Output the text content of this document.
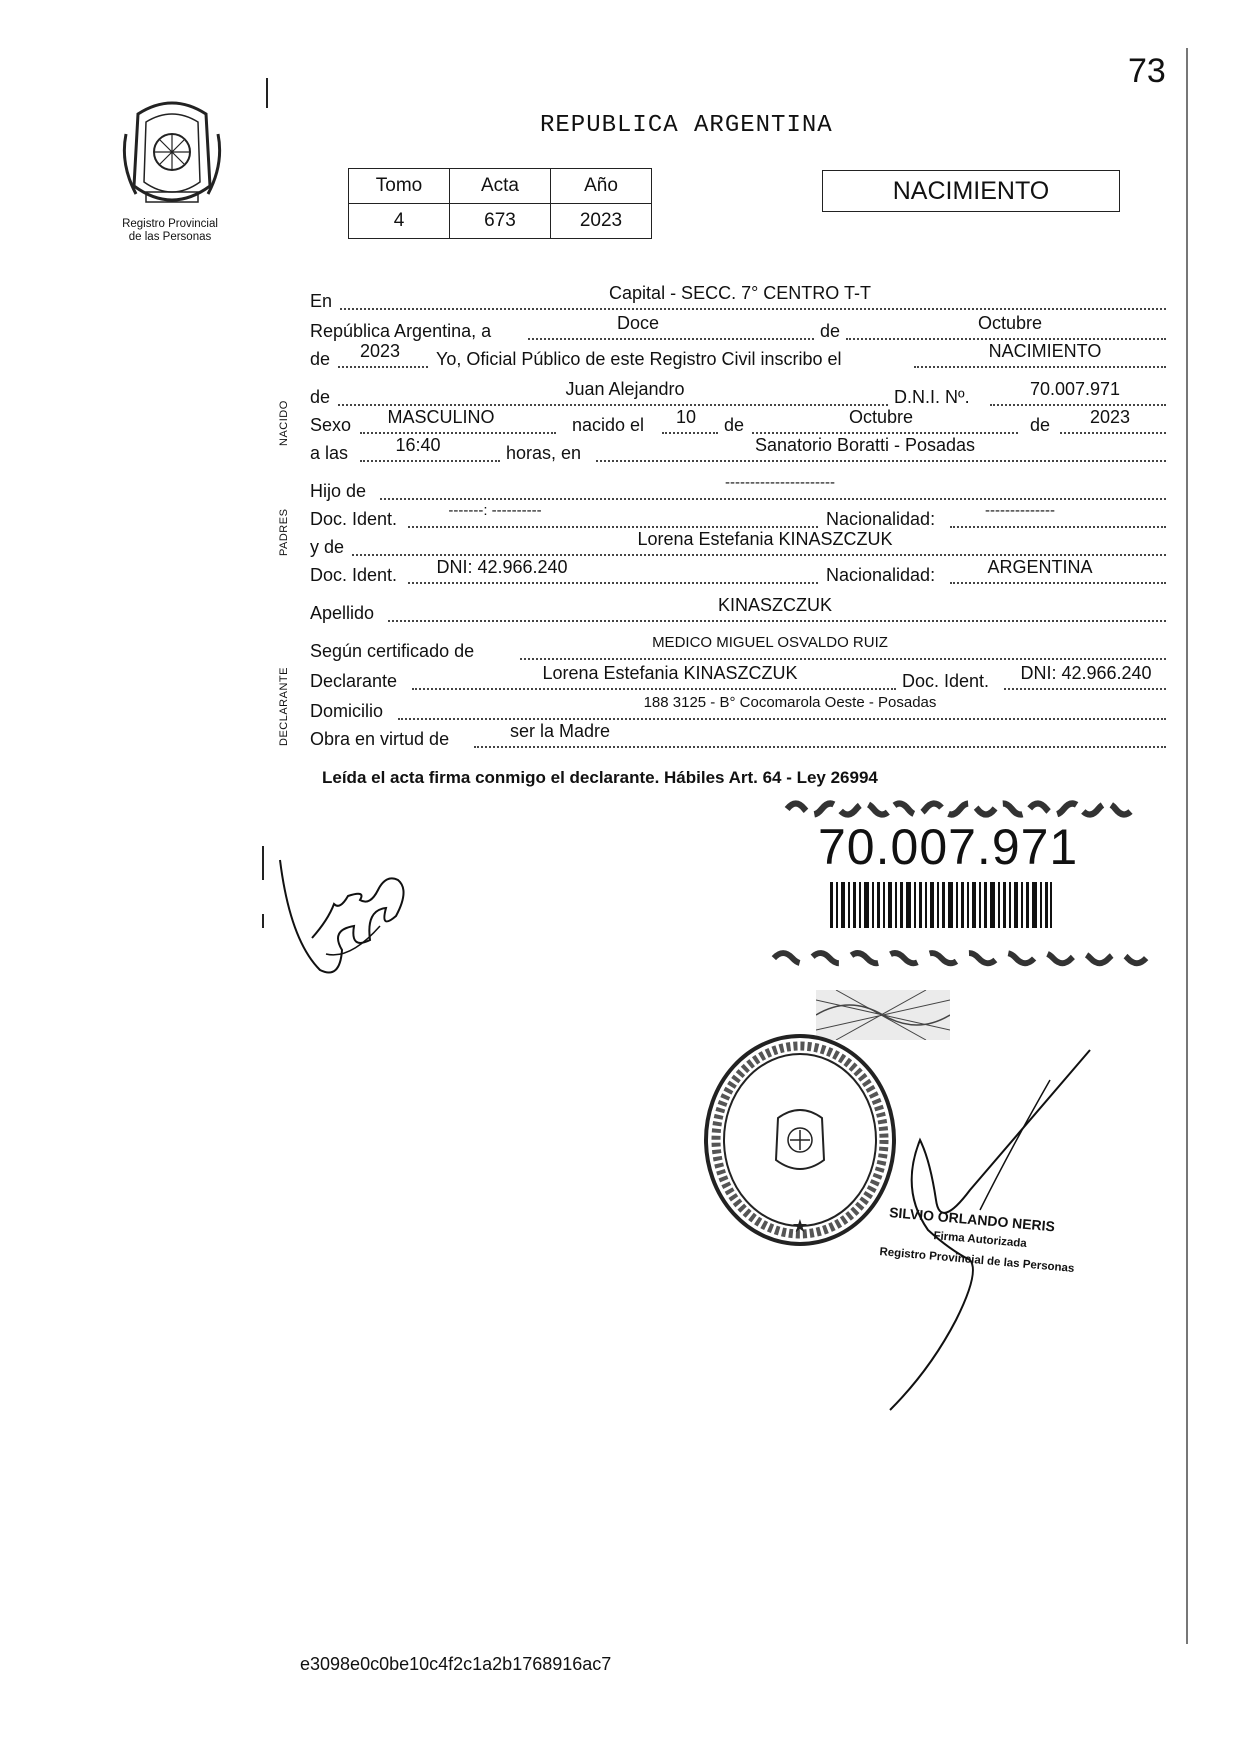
73
Registro Provincial
de las Personas
REPUBLICA ARGENTINA
Tomo	Acta	Año
4	673	2023
NACIMIENTO
NACIDO
PADRES
DECLARANTE
En	Capital - SECC. 7° CENTRO T-T
República Argentina, a	Doce	de	Octubre
de	2023	Yo, Oficial Público de este Registro Civil inscribo el	NACIMIENTO
de	Juan Alejandro	D.N.I. Nº.	70.007.971
Sexo	MASCULINO	nacido el	10	de	Octubre	de	2023
a las	16:40	horas, en	Sanatorio Boratti - Posadas
Hijo de	----------------------
Doc. Ident.	-------: ----------	Nacionalidad:	--------------
y de	Lorena Estefania KINASZCZUK
Doc. Ident.	DNI: 42.966.240	Nacionalidad:	ARGENTINA
Apellido	KINASZCZUK
Según certificado de	MEDICO MIGUEL OSVALDO RUIZ
Declarante	Lorena Estefania KINASZCZUK	Doc. Ident.	DNI: 42.966.240
Domicilio	188 3125 - B° Cocomarola Oeste - Posadas
Obra en virtud de	ser la Madre
Leída el acta firma conmigo el declarante. Hábiles Art. 64 - Ley 26994
70.007.971
★	SILVIO ORLANDO NERIS
Firma Autorizada
Registro Provincial de las Personas
e3098e0c0be10c4f2c1a2b1768916ac7
